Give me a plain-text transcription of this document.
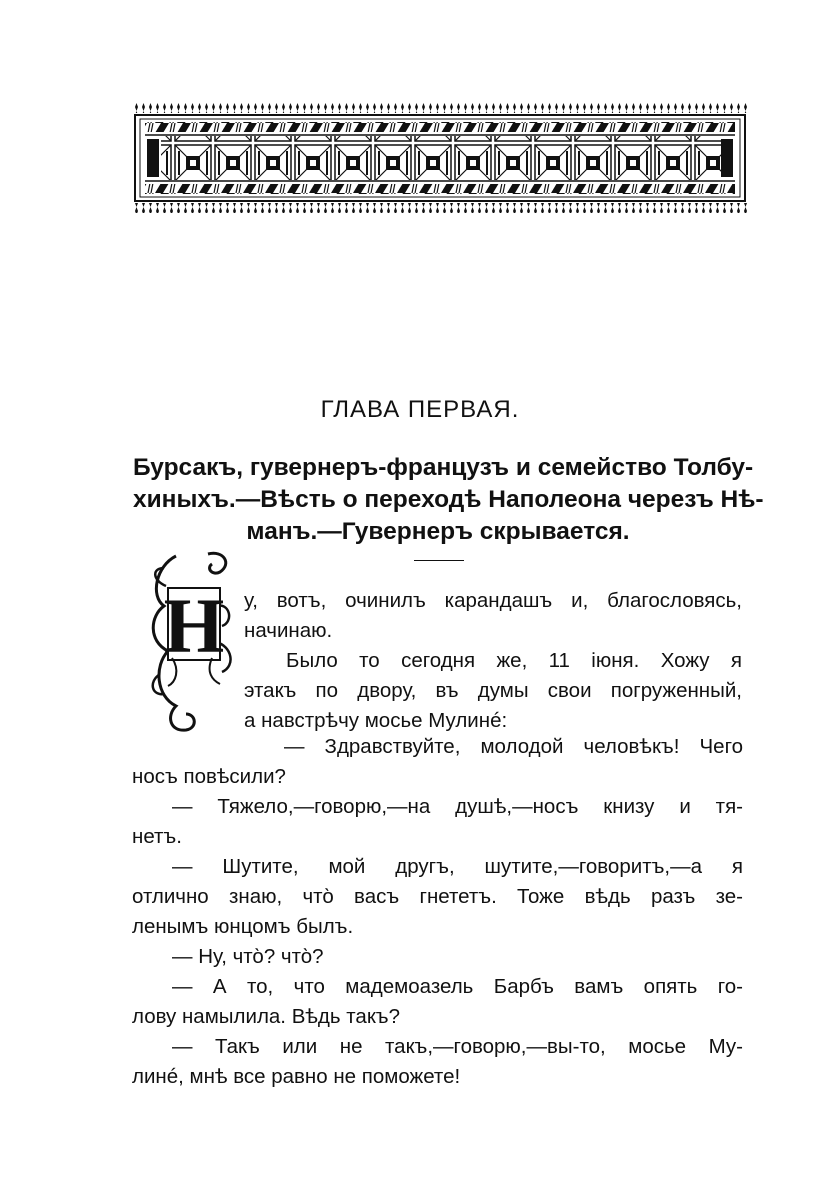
ГЛАВА ПЕРВАЯ.
Бурсакъ, гувернеръ-французъ и семейство Толбу-
хиныхъ.—Вѣсть о переходѣ Наполеона черезъ Нѣ-
манъ.—Гувернеръ скрывается.
Н у, вотъ, очинилъ карандашъ и, благословясь,
начинаю.
Было то сегодня же, 11 іюня. Хожу я
этакъ по двору, въ думы свои погруженный,
а навстрѣчу мосье Мулинé:
— Здравствуйте, молодой человѣкъ! Чего
носъ повѣсили?
— Тяжело,—говорю,—на душѣ,—носъ книзу и тя-
нетъ.
— Шутите, мой другъ, шутите,—говоритъ,—а я
отлично знаю, что̀ васъ гнететъ. Тоже вѣдь разъ зе-
ленымъ юнцомъ былъ.
— Ну, что̀? что̀?
— А то, что мадемоазель Барбъ вамъ опять го-
лову намылила. Вѣдь такъ?
— Такъ или не такъ,—говорю,—вы-то, мосье Му-
линé, мнѣ все равно не поможете!
